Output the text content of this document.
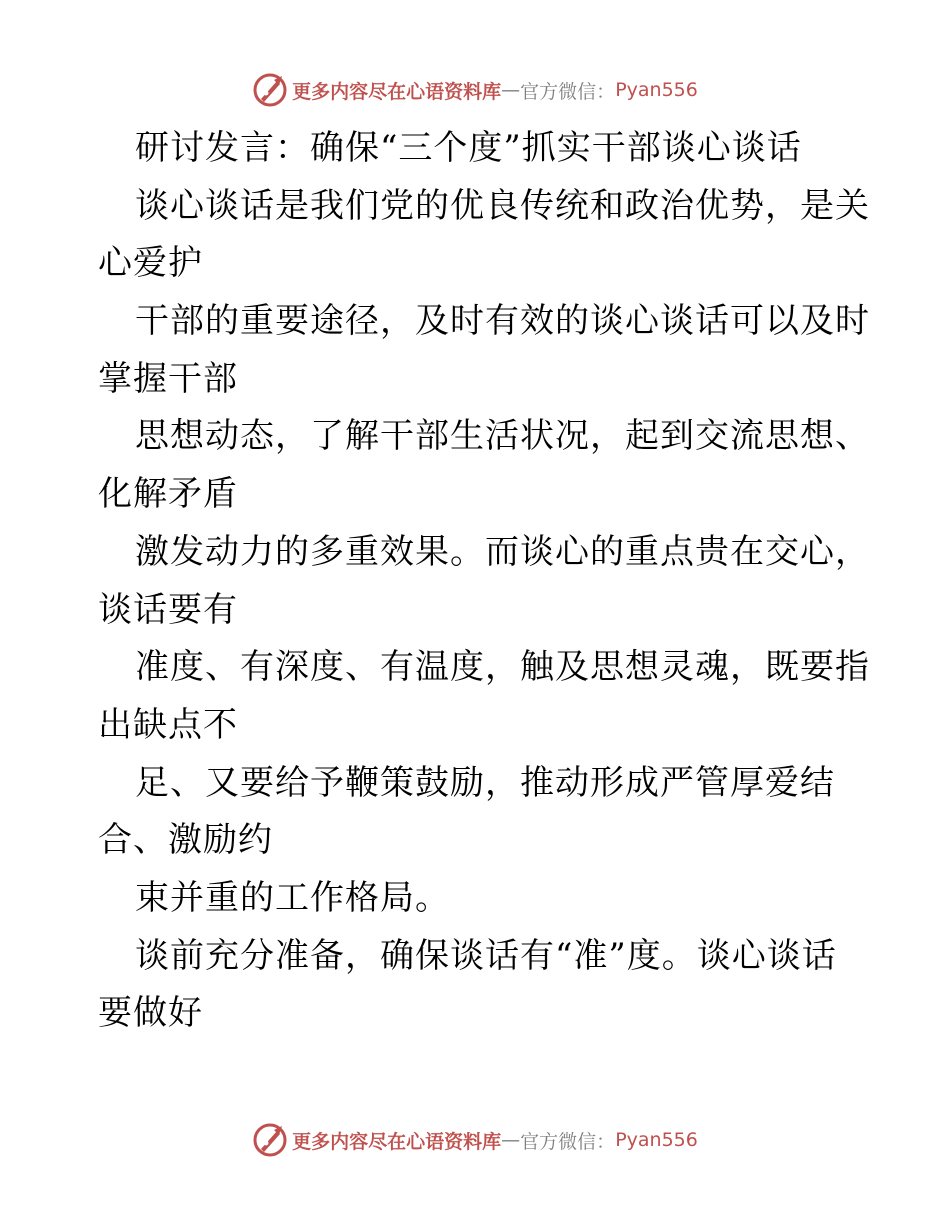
更多内容尽在心语资料库 — 官方微信： Pyan556
研讨发言：确保“三个度”抓实干部谈心谈话
谈心谈话是我们党的优良传统和政治优势，是关
心爱护
干部的重要途径，及时有效的谈心谈话可以及时
掌握干部
思想动态，了解干部生活状况，起到交流思想、
化解矛盾
激发动力的多重效果。而谈心的重点贵在交心，
谈话要有
准度、有深度、有温度，触及思想灵魂，既要指
出缺点不
足、又要给予鞭策鼓励，推动形成严管厚爱结
合、激励约
束并重的工作格局。
谈前充分准备，确保谈话有“准”度。谈心谈话
要做好
更多内容尽在心语资料库 — 官方微信： Pyan556
